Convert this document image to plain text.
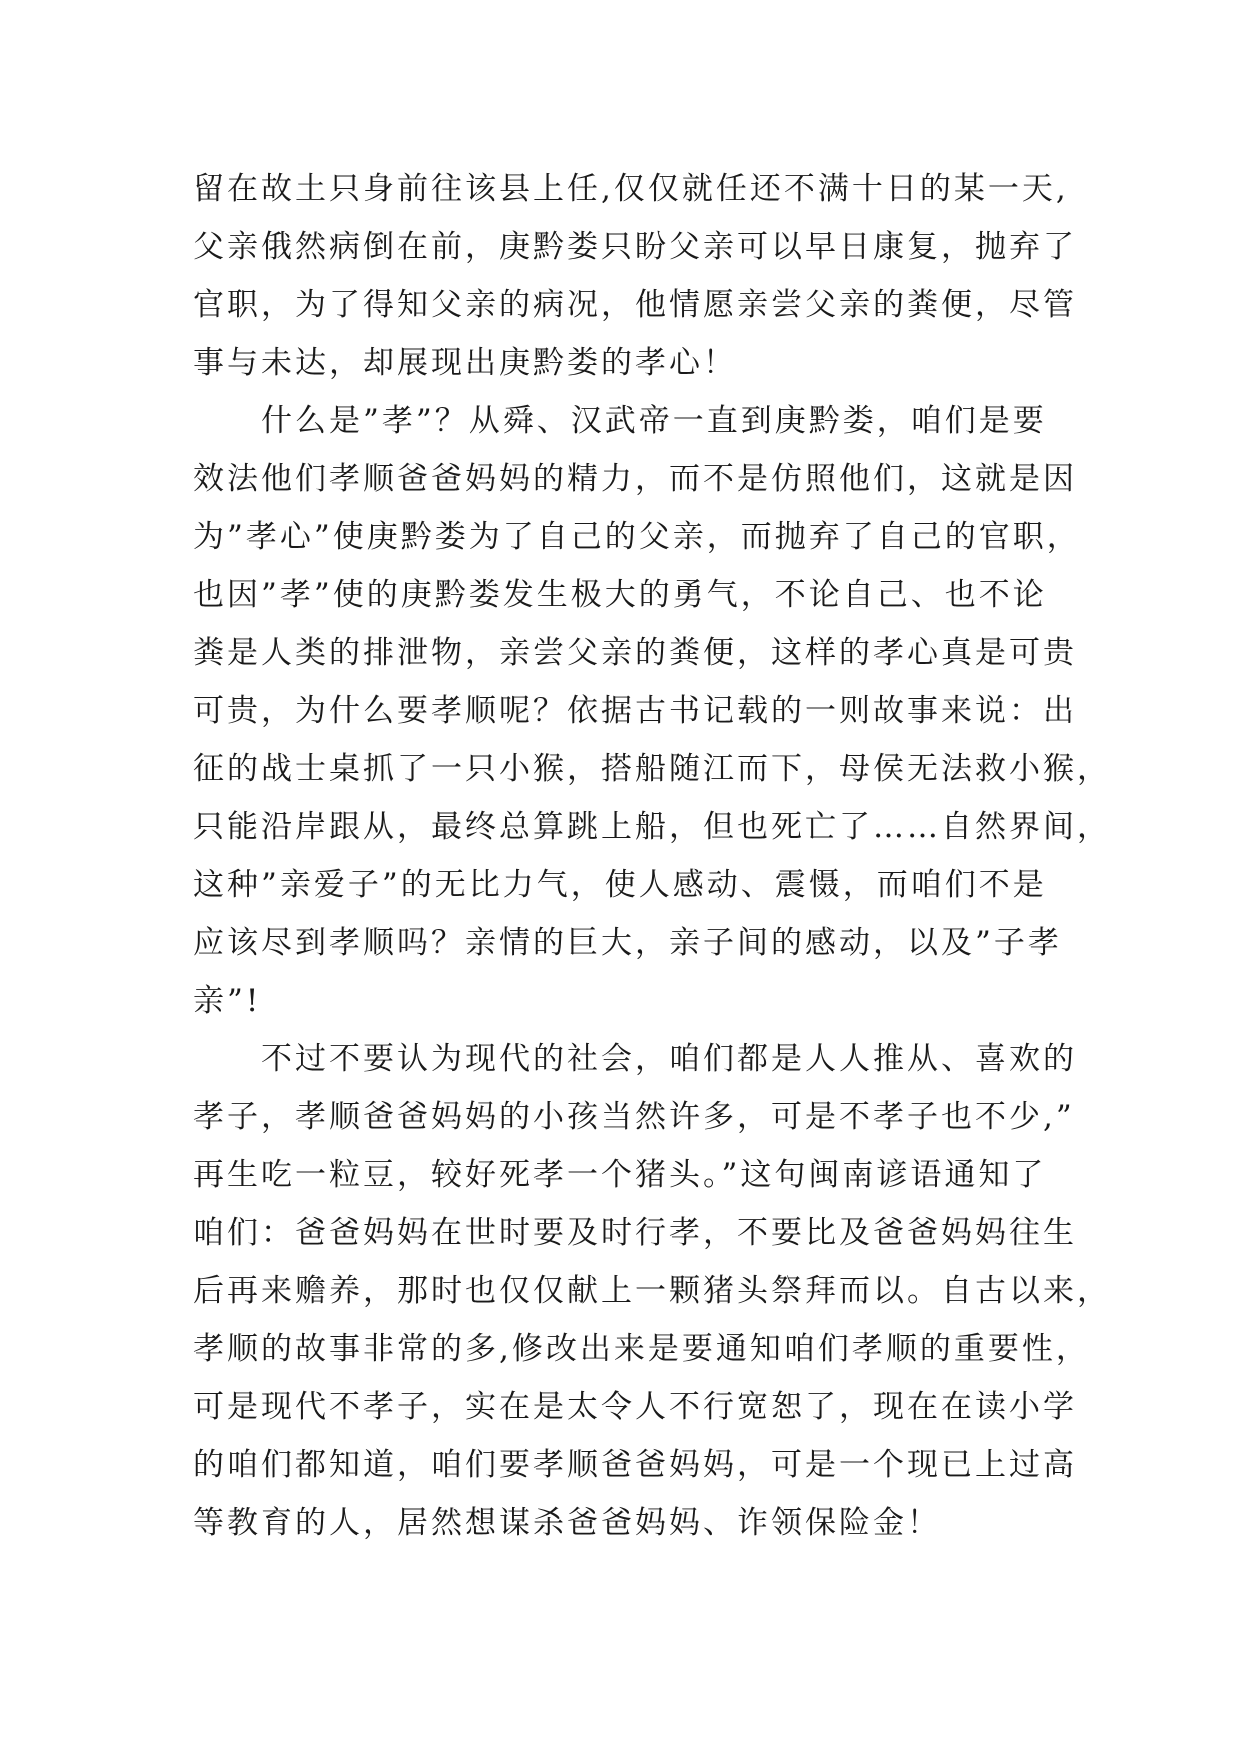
留在故土只身前往该县上任,仅仅就任还不满十日的某一天,
父亲俄然病倒在前，庚黔娄只盼父亲可以早日康复，抛弃了
官职，为了得知父亲的病况，他情愿亲尝父亲的粪便，尽管
事与未达，却展现出庚黔娄的孝心！
　　什么是”孝”？从舜、汉武帝一直到庚黔娄，咱们是要
效法他们孝顺爸爸妈妈的精力，而不是仿照他们，这就是因
为”孝心”使庚黔娄为了自己的父亲，而抛弃了自己的官职，
也因”孝”使的庚黔娄发生极大的勇气，不论自己、也不论
粪是人类的排泄物，亲尝父亲的粪便，这样的孝心真是可贵
可贵，为什么要孝顺呢？依据古书记载的一则故事来说：出
征的战士桌抓了一只小猴，搭船随江而下，母侯无法救小猴，
只能沿岸跟从，最终总算跳上船，但也死亡了……自然界间，
这种”亲爱子”的无比力气，使人感动、震慑，而咱们不是
应该尽到孝顺吗？亲情的巨大，亲子间的感动，以及”子孝
亲”!
　　不过不要认为现代的社会，咱们都是人人推从、喜欢的
孝子，孝顺爸爸妈妈的小孩当然许多，可是不孝子也不少,”
再生吃一粒豆，较好死孝一个猪头。”这句闽南谚语通知了
咱们：爸爸妈妈在世时要及时行孝，不要比及爸爸妈妈往生
后再来赡养，那时也仅仅献上一颗猪头祭拜而以。自古以来，
孝顺的故事非常的多,修改出来是要通知咱们孝顺的重要性，
可是现代不孝子，实在是太令人不行宽恕了，现在在读小学
的咱们都知道，咱们要孝顺爸爸妈妈，可是一个现已上过高
等教育的人，居然想谋杀爸爸妈妈、诈领保险金！
